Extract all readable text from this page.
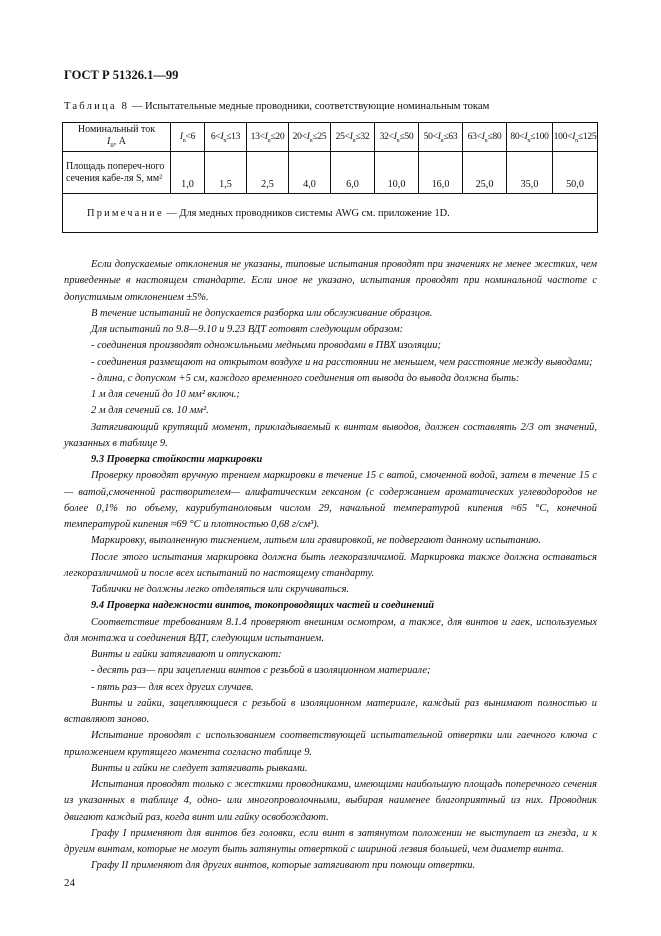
ГОСТ Р 51326.1—99
Таблица 8 — Испытательные медные проводники, соответствующие номинальным токам
Номинальный ток
$I_n$, А	$I_n<6$	$6<I_n\le 13$	$13<I_n\le 20$	$20<I_n\le 25$	$25<I_n\le 32$	$32<I_n\le 50$	$50<I_n\le 63$	$63<I_n\le 80$	$80<I_n\le 100$	$100<I_n\le 125$
Площадь попереч-ного сечения кабе-ля S, мм²	1,0	1,5	2,5	4,0	6,0	10,0	16,0	25,0	35,0	50,0
Примечание — Для медных проводников системы AWG см. приложение 1D.										

Если допускаемые отклонения не указаны, типовые испытания проводят при значениях не менее жестких, чем приведенные в настоящем стандарте. Если иное не указано, испытания проводят при номинальной частоте с допустимым отклонением ±5%.

В течение испытаний не допускается разборка или обслуживание образцов.

Для испытаний по 9.8—9.10 и 9.23 ВДТ готовят следующим образом:

- соединения производят одножильными медными проводами в ПВХ изоляции;

- соединения размещают на открытом воздухе и на расстоянии не меньшем, чем расстояние между выводами;

- длина, с допуском +5 см, каждого временного соединения от вывода до вывода должна быть:

1 м для сечений до 10 мм² включ.;

2 м для сечений св. 10 мм².

Затягивающий крутящий момент, прикладываемый к винтам выводов, должен составлять 2/3 от значений, указанных в таблице 9.

9.3 Проверка стойкости маркировки

Проверку проводят вручную трением маркировки в течение 15 с ватой, смоченной водой, затем в течение 15 с — ватой,смоченной растворителем— алифатическим гексаном (с содержанием ароматических углеводородов не более 0,1% по объему, каурибутаноловым числом 29, начальной температурой кипения ≈65 °С, конечной температурой кипения ≈69 °С и плотностью 0,68 г/см³).

Маркировку, выполненную тиснением, литьем или гравировкой, не подвергают данному испытанию.

После этого испытания маркировка должна быть легкоразличимой. Маркировка также должна оставаться легкоразличимой и после всех испытаний по настоящему стандарту.

Таблички не должны легко отделяться или скручиваться.

9.4 Проверка надежности винтов, токопроводящих частей и соединений

Соответствие требованиям 8.1.4 проверяют внешним осмотром, а также, для винтов и гаек, используемых для монтажа и соединения ВДТ, следующим испытанием.

Винты и гайки затягивают и отпускают:

- десять раз— при зацеплении винтов с резьбой в изоляционном материале;

- пять раз— для всех других случаев.

Винты и гайки, зацепляющиеся с резьбой в изоляционном материале, каждый раз вынимают полностью и вставляют заново.

Испытание проводят с использованием соответствующей испытательной отвертки или гаечного ключа с приложением крутящего момента согласно таблице 9.

Винты и гайки не следует затягивать рывками.

Испытания проводят только с жесткими проводниками, имеющими наибольшую площадь поперечного сечения из указанных в таблице 4, одно- или многопроволочными, выбирая наименее благоприятный из них. Проводник двигают каждый раз, когда винт или гайку освобождают.

Графу I применяют для винтов без головки, если винт в затянутом положении не выступает из гнезда, и к другим винтам, которые не могут быть затянуты отверткой с шириной лезвия большей, чем диаметр винта.

Графу II применяют для других винтов, которые затягивают при помощи отвертки.

24
